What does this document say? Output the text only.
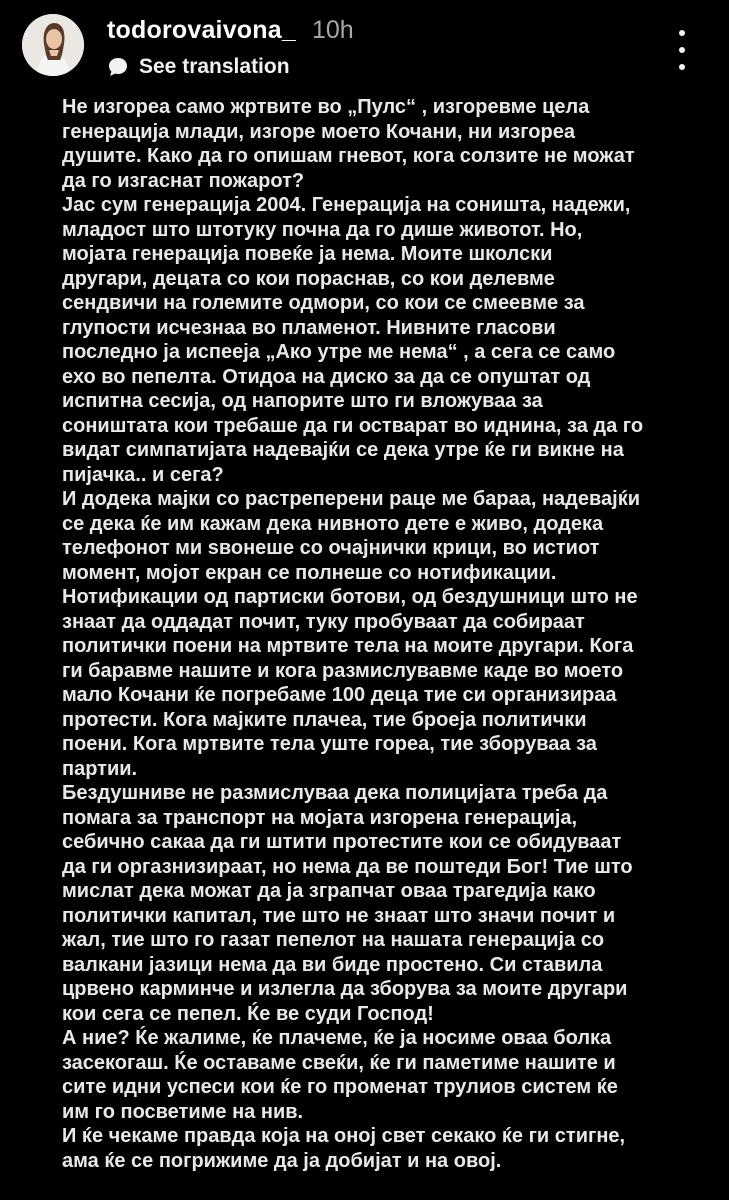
todorovaivona_ 10h
See translation

Не изгореа само жртвите во „Пулс“ , изгоревме цела
генерација млади, изгоре моето Кочани, ни изгореа
душите. Како да го опишам гневот, кога солзите не можат
да го изгаснат пожарот?

Јас сум генерација 2004. Генерација на соништа, надежи,
младост што штотуку почна да го дише животот. Но,
мојата генерација повеќе ја нема. Моите школски
другари, децата со кои пораснав, со кои делевме
сендвичи на големите одмори, со кои се смеевме за
глупости исчезнаа во пламенот. Нивните гласови
последно ја испееја „Ако утре ме нема“ , а сега се само
ехо во пепелта. Отидоа на диско за да се опуштат од
испитна сесија, од напорите што ги вложуваа за
соништата кои требаше да ги остварат во иднина, за да го
видат симпатијата надевајќи се дека утре ќе ги викне на
пијачка.. и сега?

И додека мајки со растреперени раце ме бараа, надевајќи
се дека ќе им кажам дека нивното дете е живо, додека
телефонот ми ѕвонеше со очајнички крици, во истиот
момент, мојот екран се полнеше со нотификации.
Нотификации од партиски ботови, од бездушници што не
знаат да оддадат почит, туку пробуваат да собираат
политички поени на мртвите тела на моите другари. Кога
ги баравме нашите и кога размислувавме каде во моето
мало Кочани ќе погребаме 100 деца тие си организираа
протести. Кога мајките плачеа, тие броеја политички
поени. Кога мртвите тела уште гореа, тие зборуваа за
партии.

Бездушниве не размислуваа дека полицијата треба да
помага за транспорт на мојата изгорена генерација,
себично сакаа да ги штити протестите кои се обидуваат
да ги оргазнизираат, но нема да ве поштеди Бог! Тие што
мислат дека можат да ја зграпчат оваа трагедија како
политички капитал, тие што не знаат што значи почит и
жал, тие што го газат пепелот на нашата генерација со
валкани јазици нема да ви биде простено. Си ставила
црвено карминче и излегла да зборува за моите другари
кои сега се пепел. Ќе ве суди Господ!

А ние? Ќе жалиме, ќе плачеме, ќе ја носиме оваа болка
засекогаш. Ќе оставаме свеќи, ќе ги паметиме нашите и
сите идни успеси кои ќе го променат трулиов систем ќе
им го посветиме на нив.

И ќе чекаме правда која на оној свет секако ќе ги стигне,
ама ќе се погрижиме да ја добијат и на овој.
